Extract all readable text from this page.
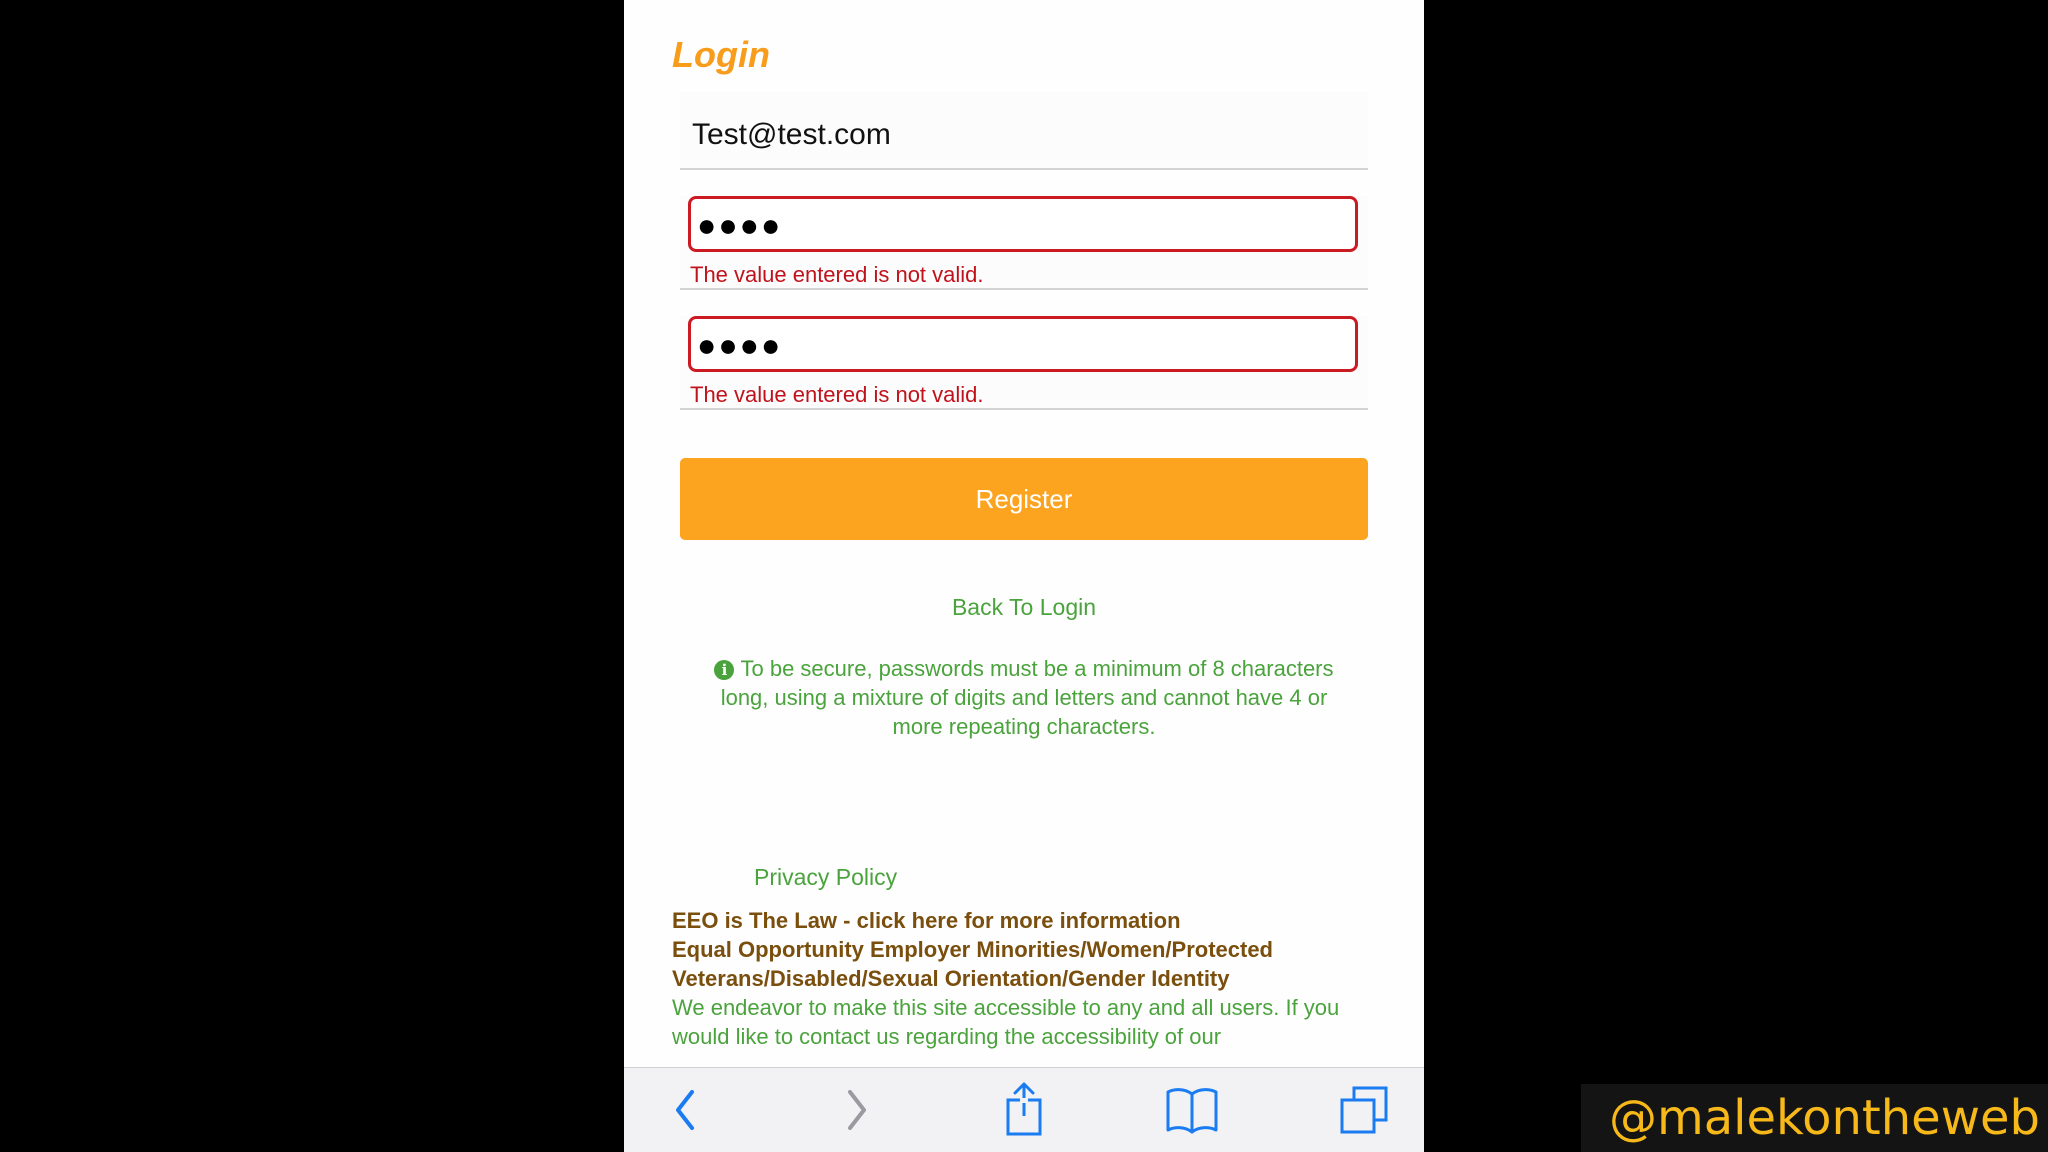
Login
Test@test.com
●●●●
The value entered is not valid.
●●●●
The value entered is not valid.
Register
Back To Login
i To be secure, passwords must be a minimum of 8 characters long, using a mixture of digits and letters and cannot have 4 or more repeating characters.
Privacy Policy
EEO is The Law - click here for more information
Equal Opportunity Employer Minorities/Women/Protected Veterans/Disabled/Sexual Orientation/Gender Identity
We endeavor to make this site accessible to any and all users. If you would like to contact us regarding the accessibility of our
@malekontheweb
